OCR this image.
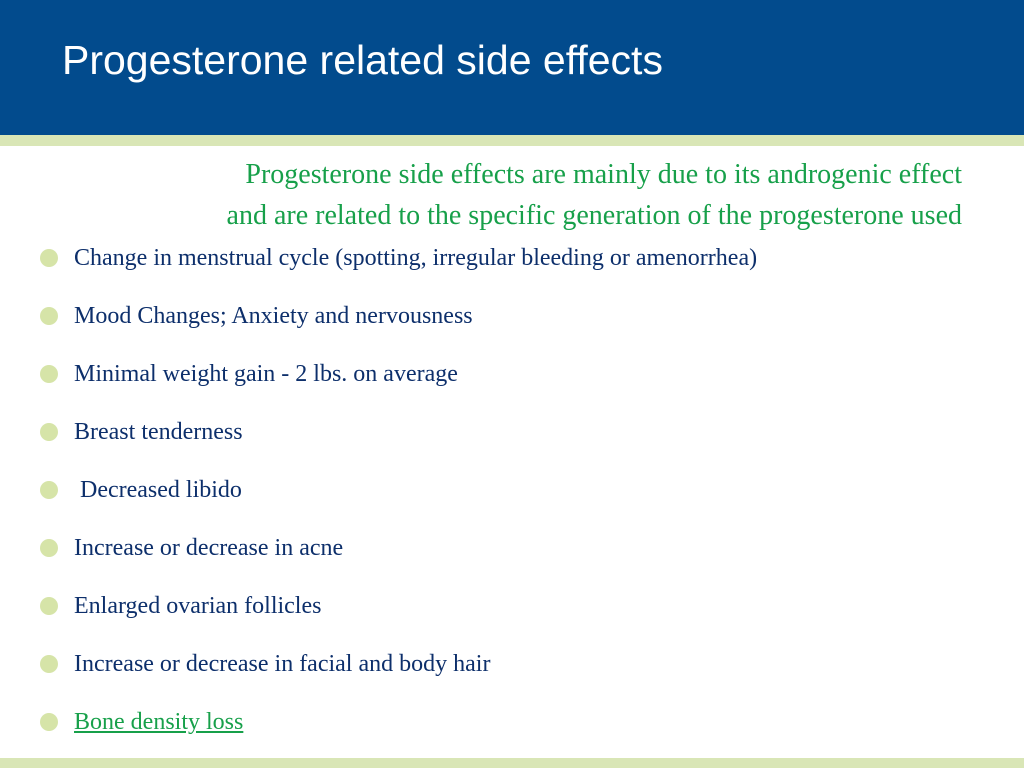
Progesterone related side effects

Progesterone side effects are mainly due to its androgenic effect
and are related to the specific generation of the progesterone used

Change in menstrual cycle (spotting, irregular bleeding or amenorrhea)
Mood Changes; Anxiety and nervousness
Minimal weight gain - 2 lbs. on average
Breast tenderness
Decreased libido
Increase or decrease in acne
Enlarged ovarian follicles
Increase or decrease in facial and body hair
Bone density loss
